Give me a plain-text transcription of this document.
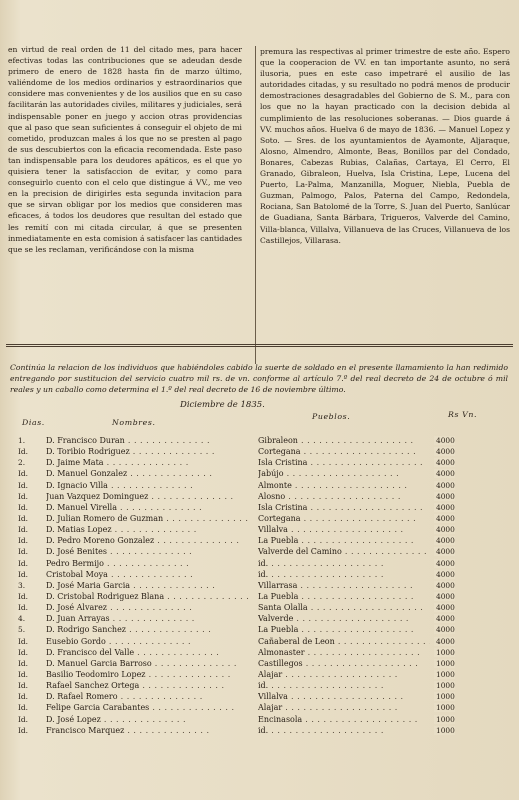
en virtud de real orden de 11 del citado mes, para hacer efectivas todas las contribuciones que se adeudan desde primero de enero de 1828 hasta fin de marzo último, valiéndome de los medios ordinarios y estraordinarios que considere mas convenientes y de los ausilios que en su caso facilitarán las autoridades civiles, militares y judiciales, será indispensable poner en juego y accion otras providencias que al paso que sean suficientes á conseguir el objeto de mi cometido, produzcan males á los que no se presten al pago de sus descubiertos con la eficacia recomendada. Este paso tan indispensable para los deudores apáticos, es el que yo quisiera tener la satisfaccion de evitar, y como para conseguirlo cuento con el celo que distingue á VV., me veo en la precision de dirigirles esta segunda invitacion para que se sirvan obligar por los medios que consideren mas eficaces, á todos los deudores que resultan del estado que les remití con mi citada circular, á que se presenten inmediatamente en esta comision á satisfacer las cantidades que se les reclaman, verificándose con la misma
premura las respectivas al primer trimestre de este año. Espero que la cooperacion de VV. en tan importante asunto, no será ilusoria, pues en este caso impetraré el ausilio de las autoridades citadas, y su resultado no podrá menos de producir demostraciones desagradables del Gobierno de S. M., para con los que no la hayan practicado con la decision debida al cumplimiento de las resoluciones soberanas. — Dios guarde á VV. muchos años. Huelva 6 de mayo de 1836. — Manuel Lopez y Soto. — Sres. de los ayuntamientos de Ayamonte, Aljaraque, Alosno, Almendro, Almonte, Beas, Bonillos par del Condado, Bonares, Cabezas Rubias, Calañas, Cartaya, El Cerro, El Granado, Gibraleon, Huelva, Isla Cristina, Lepe, Lucena del Puerto, La-Palma, Manzanilla, Moguer, Niebla, Puebla de Guzman, Palmogo, Palos, Paterna del Campo, Redondela, Rociana, San Batolomé de la Torre, S. Juan del Puerto, Sanlúcar de Guadiana, Santa Bárbara, Trigueros, Valverde del Camino, Villa-blanca, Villalva, Villanueva de las Cruces, Villanueva de los Castillejos, Villarasa.
Continúa la relacion de los individuos que habiéndoles cabido la suerte de soldado en el presente llamamiento la han redimido entregando por sustitucion del servicio cuatro mil rs. de vn. conforme al artículo 7.º del real decreto de 24 de octubre ó mil reales y un caballo como determina el 1.º del real decreto de 16 de noviembre último.
Diciembre de 1835.
Dias.	Nombres.
Pueblos.	Rs Vn.
1.	D. Francisco Duran . . .	Gibraleon . . .	4000
Id. D. Toribio Rodriguez . . .	Corteganа . . .	4000
2.	D. Jaime Mata . . .	Isla Cristina . . .	4000
Id. D. Manuel Gonzalez . . .	Jabújo . . .	4000
Id. D. Ignacio Villa . . .	Almonte . . .	4000
Id. Juan Vazquez Dominguez . . .	Alosno . . .	4000
Id. D. Manuel Virella . . .	Isla Cristina . . .	4000
Id. D. Julian Romero de Guzman . . .	Cortegana . . .	4000
Id. D. Matias Lopez . . .	Villalva . . .	4000
Id. D. Pedro Moreno Gonzalez . . .	La Puebla . . .	4000
Id. D. José Benites . . .	Valverde del Camino . . .	4000
Id. Pedro Bermijo . . .	id. . . .	4000
Id. Cristobal Moya . . .	id. . . .	4000
3.	D. José Maria Garcia . . .	Villarrasa . . .	4000
Id. D. Cristobal Rodriguez Blana . . .	La Puebla . . .	4000
Id. D. José Alvarez . . .	Santa Olalla . . .	4000
4.	D. Juan Arrayas . . .	Valverde . . .	4000
5.	D. Rodrigo Sanchez . . .	La Puebla . . .	4000
Id. Eusebio Gordo . . .	Cañaberal de Leon . . .	4000
Id. D. Francisco del Valle . . .	Almonaster . . .	1000
Id. D. Manuel Garcia Barroso . . .	Castillegos . . .	1000
Id. Basilio Teodomiro Lopez . . .	Alajar . . .	1000
Id. Rafael Sanchez Ortega . . .	id. . . .	1000
Id. D. Rafael Romero . . .	Villalva . . .	1000
Id. Felipe Garcia Carabantes . . .	Alajar . . .	1000
Id. D. José Lopez . . .	Encinasola . . .	1000
Id. Francisco Marquez . . .	id. . . .	1000
